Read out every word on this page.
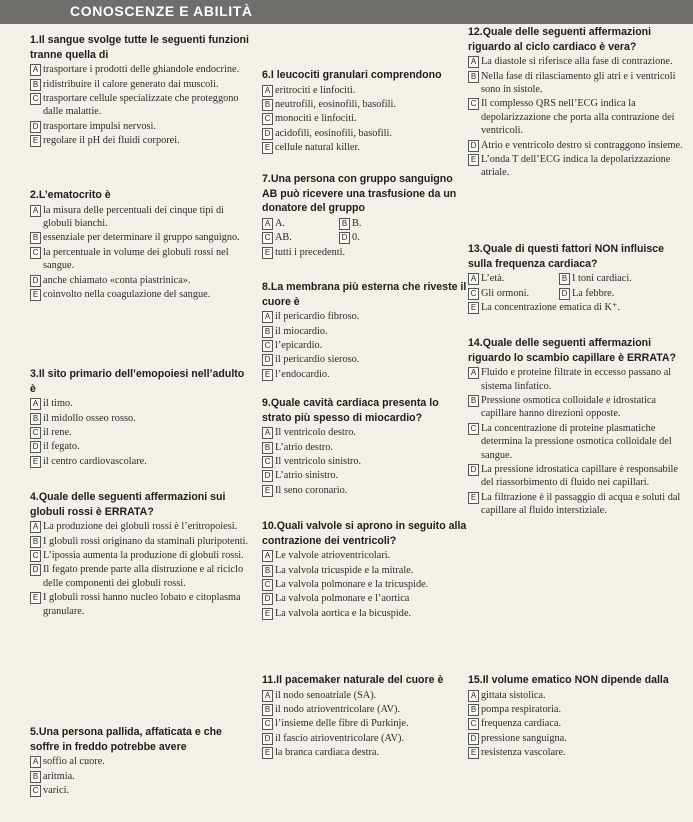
CONOSCENZE E ABILITÀ
1.Il sangue svolge tutte le seguenti funzioni tranne quella di
A trasportare i prodotti delle ghiandole endocrine.
B ridistribuire il calore generato dai muscoli.
C trasportare cellule specializzate che proteggono dalle malattie.
D trasportare impulsi nervosi.
E regolare il pH dei fluidi corporei.
2.L’ematocrito è
A la misura delle percentuali dei cinque tipi di globuli bianchi.
B essenziale per determinare il gruppo sanguigno.
C la percentuale in volume dei globuli rossi nel sangue.
D anche chiamato «conta piastrinica».
E coinvolto nella coagulazione del sangue.
3.Il sito primario dell’emopoiesi nell’adulto è
A il timo.
B il midollo osseo rosso.
C il rene.
D il fegato.
E il centro cardiovascolare.
4.Quale delle seguenti affermazioni sui globuli rossi è ERRATA?
A La produzione dei globuli rossi è l’eritropoiesi.
B I globuli rossi originano da staminali pluripotenti.
C L’ipossia aumenta la produzione di globuli rossi.
D Il fegato prende parte alla distruzione e al riciclo delle componenti dei globuli rossi.
E I globuli rossi hanno nucleo lobato e citoplasma granulare.
5.Una persona pallida, affaticata e che soffre in freddo potrebbe avere
A soffio al cuore.
B aritmia.
C varici.
6.I leucociti granulari comprendono
A eritrociti e linfociti.
B neutrofili, eosinofili, basofili.
C monociti e linfociti.
D acidofili, eosinofili, basofili.
E cellule natural killer.
7.Una persona con gruppo sanguigno AB può ricevere una trasfusione da un donatore del gruppo
A A.	B B.
C AB.	D 0.
E tutti i precedenti.
8.La membrana più esterna che riveste il cuore è
A il pericardio fibroso.
B il miocardio.
C l’epicardio.
D il pericardio sieroso.
E l’endocardio.
9.Quale cavità cardiaca presenta lo strato più spesso di miocardio?
A Il ventricolo destro.
B L’atrio destro.
C Il ventricolo sinistro.
D L’atrio sinistro.
E Il seno coronario.
10.Quali valvole si aprono in seguito alla contrazione dei ventricoli?
A Le valvole atrioventricolari.
B La valvola tricuspide e la mitrale.
C La valvola polmonare e la tricuspide.
D La valvola polmonare e l’aortica
E La valvola aortica e la bicuspide.
11.Il pacemaker naturale del cuore è
A il nodo senoatriale (SA).
B il nodo atrioventricolare (AV).
C l’insieme delle fibre di Purkinje.
D il fascio atrioventricolare (AV).
E la branca cardiaca destra.
12.Quale delle seguenti affermazioni riguardo al ciclo cardiaco è vera?
A La diastole si riferisce alla fase di contrazione.
B Nella fase di rilasciamento gli atri e i ventricoli sono in sistole.
C Il complesso QRS nell’ECG indica la depolarizzazione che porta alla contrazione dei ventricoli.
D Atrio e ventricolo destro si contraggono insieme.
E L’onda T dell’ECG indica la depolarizzazione atriale.
13.Quale di questi fattori NON influisce sulla frequenza cardiaca?
A L’età.	B I toni cardiaci.
C Gli ormoni.	D La febbre.
E La concentrazione ematica di K⁺.
14.Quale delle seguenti affermazioni riguardo lo scambio capillare è ERRATA?
A Fluido e proteine filtrate in eccesso passano al sistema linfatico.
B Pressione osmotica colloidale e idrostatica capillare hanno direzioni opposte.
C La concentrazione di proteine plasmatiche determina la pressione osmotica colloidale del sangue.
D La pressione idrostatica capillare è responsabile del riassorbimento di fluido nei capillari.
E La filtrazione è il passaggio di acqua e soluti dal capillare al fluido interstiziale.
15.Il volume ematico NON dipende dalla
A gittata sistolica.
B pompa respiratoria.
C frequenza cardiaca.
D pressione sanguigna.
E resistenza vascolare.
